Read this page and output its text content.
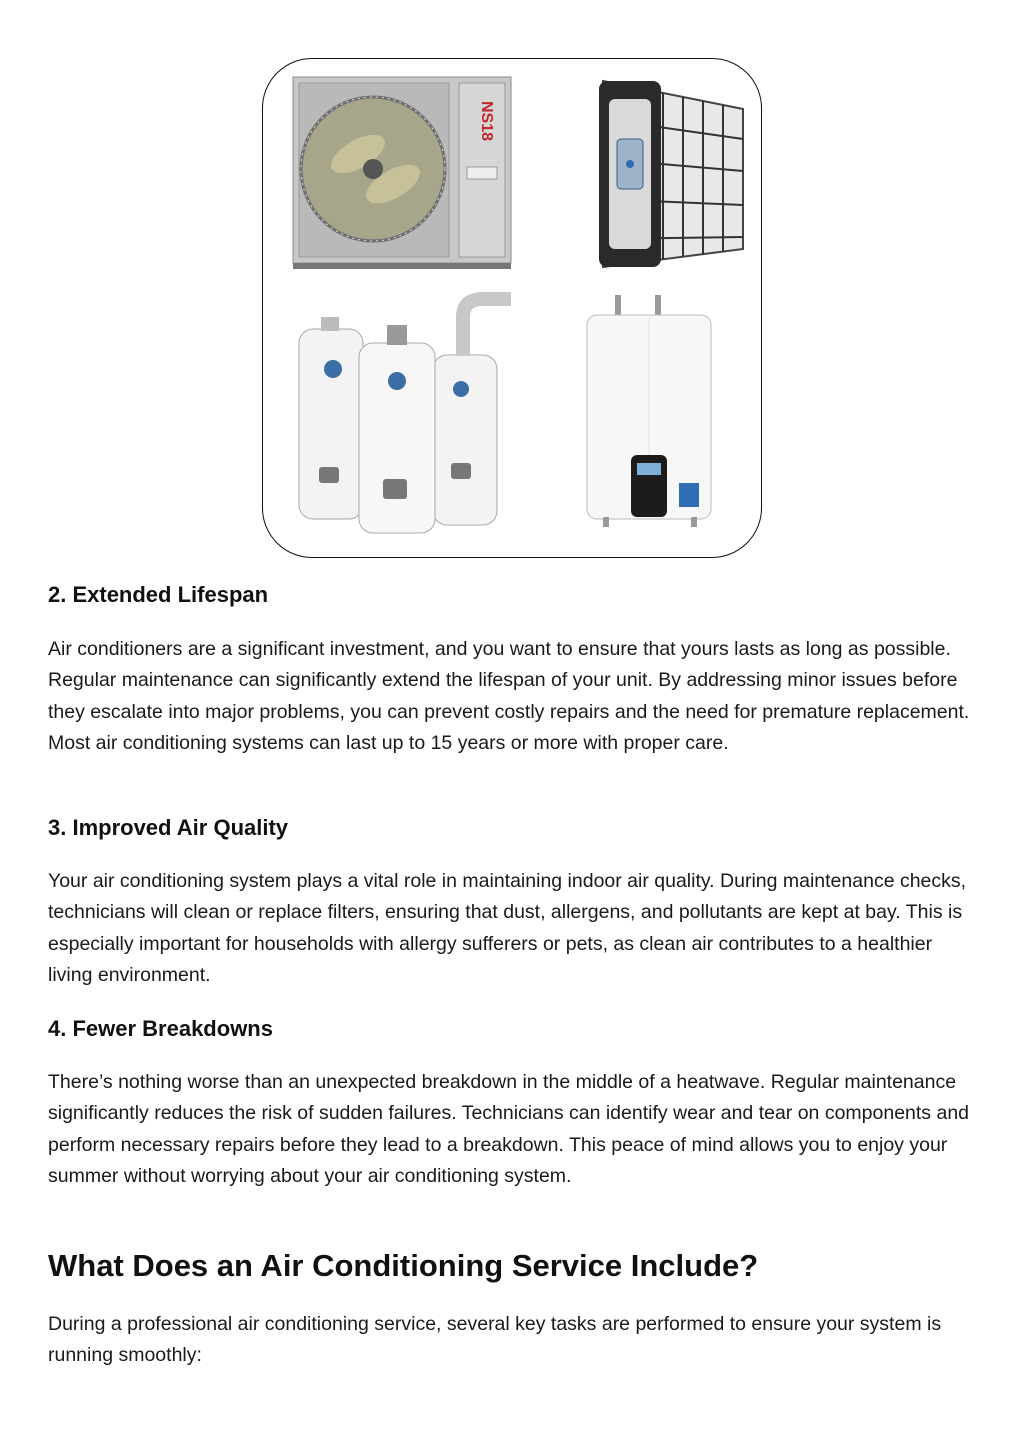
NS18
2. Extended Lifespan

Air conditioners are a significant investment, and you want to ensure that yours lasts as long as possible. Regular maintenance can significantly extend the lifespan of your unit. By addressing minor issues before they escalate into major problems, you can prevent costly repairs and the need for premature replacement. Most air conditioning systems can last up to 15 years or more with proper care.

3. Improved Air Quality

Your air conditioning system plays a vital role in maintaining indoor air quality. During maintenance checks, technicians will clean or replace filters, ensuring that dust, allergens, and pollutants are kept at bay. This is especially important for households with allergy sufferers or pets, as clean air contributes to a healthier living environment.

4. Fewer Breakdowns

There’s nothing worse than an unexpected breakdown in the middle of a heatwave. Regular maintenance significantly reduces the risk of sudden failures. Technicians can identify wear and tear on components and perform necessary repairs before they lead to a breakdown. This peace of mind allows you to enjoy your summer without worrying about your air conditioning system.

What Does an Air Conditioning Service Include?

During a professional air conditioning service, several key tasks are performed to ensure your system is running smoothly:
